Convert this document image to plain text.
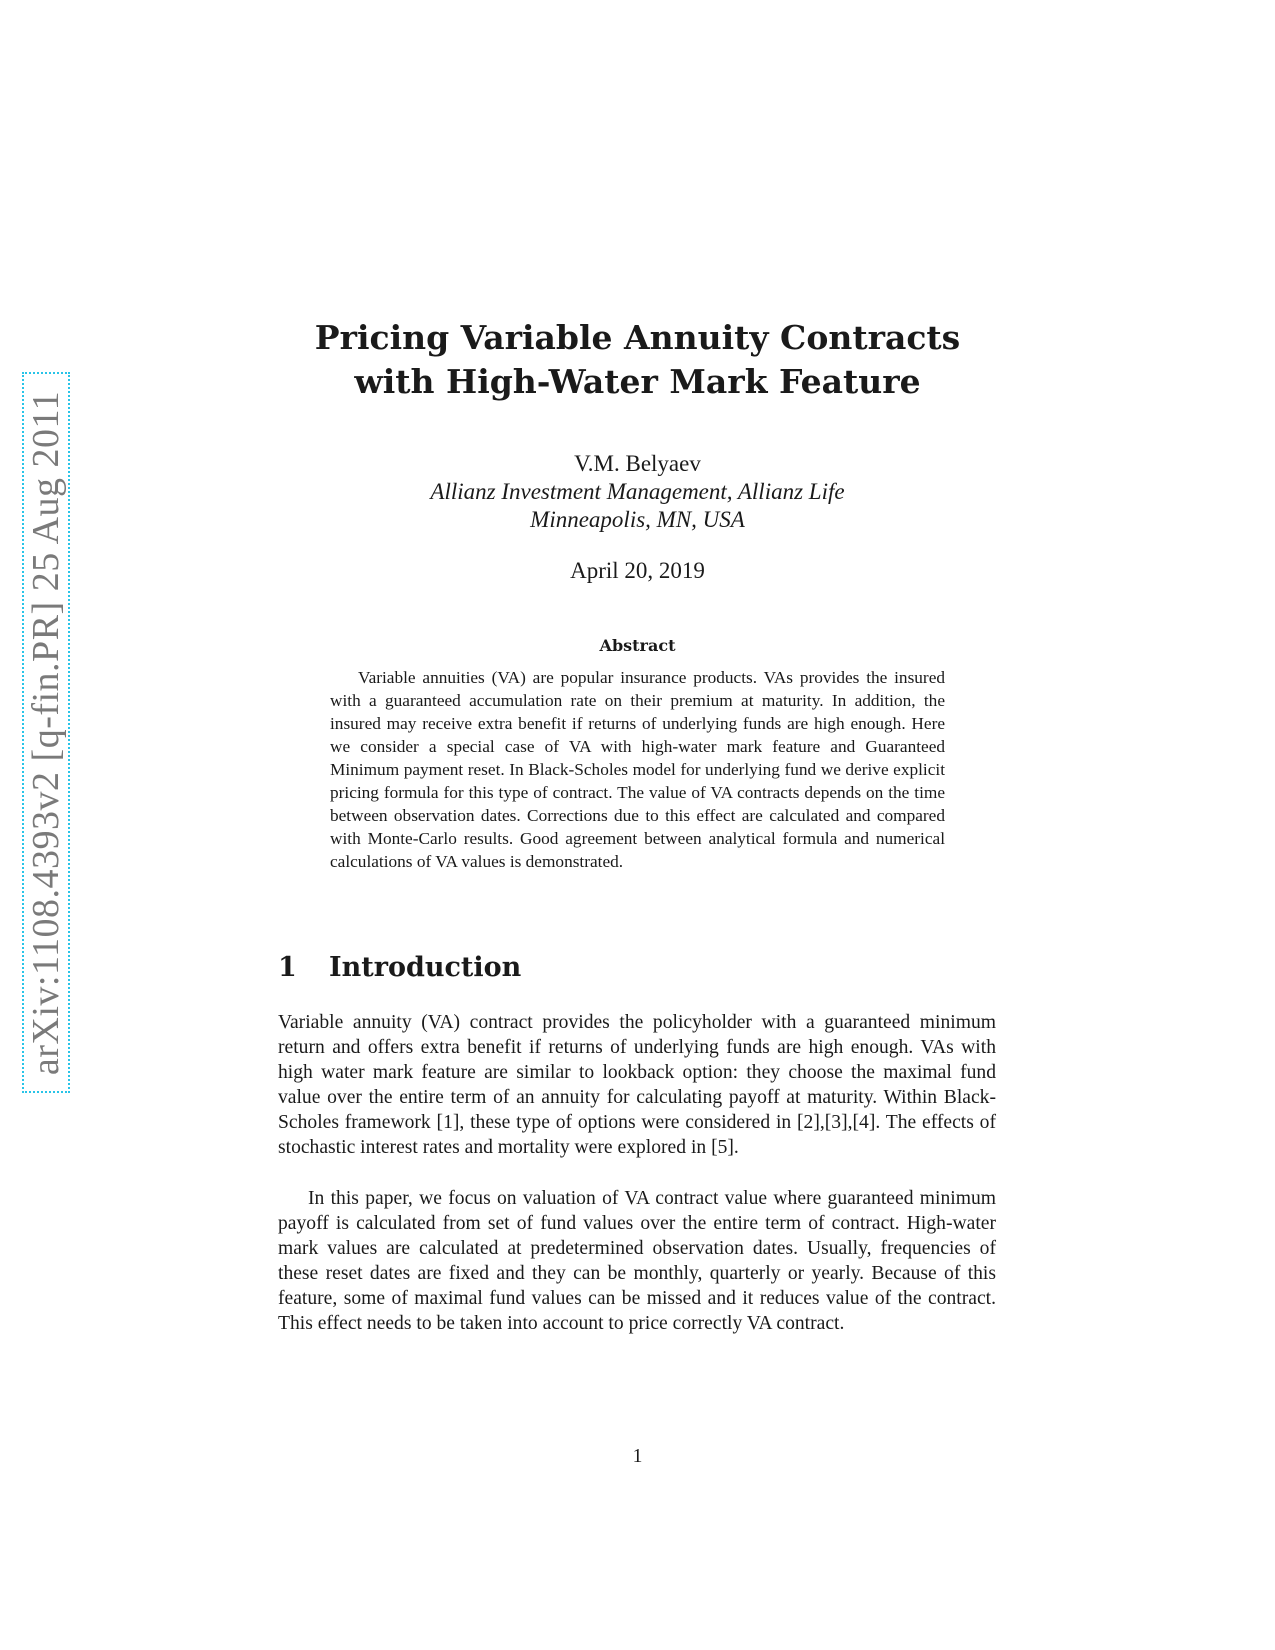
arXiv:1108.4393v2 [q-fin.PR] 25 Aug 2011
Pricing Variable Annuity Contracts
with High-Water Mark Feature
V.M. Belyaev
Allianz Investment Management, Allianz Life
Minneapolis, MN, USA
April 20, 2019
Abstract

Variable annuities (VA) are popular insurance products. VAs provides the insured with a guaranteed accumulation rate on their premium at maturity. In addition, the insured may receive extra benefit if returns of underlying funds are high enough. Here we consider a special case of VA with high-water mark feature and Guaranteed Minimum payment reset. In Black-Scholes model for underlying fund we derive explicit pricing formula for this type of contract. The value of VA contracts depends on the time between observation dates. Corrections due to this effect are calculated and compared with Monte-Carlo results. Good agreement between analytical formula and numerical calculations of VA values is demonstrated.

1 Introduction

Variable annuity (VA) contract provides the policyholder with a guaranteed minimum return and offers extra benefit if returns of underlying funds are high enough. VAs with high water mark feature are similar to lookback option: they choose the maximal fund value over the entire term of an annuity for calculating payoff at maturity. Within Black-Scholes framework [1], these type of options were considered in [2],[3],[4]. The effects of stochastic interest rates and mortality were explored in [5].

In this paper, we focus on valuation of VA contract value where guaranteed minimum payoff is calculated from set of fund values over the entire term of contract. High-water mark values are calculated at predetermined observation dates. Usually, frequencies of these reset dates are fixed and they can be monthly, quarterly or yearly. Because of this feature, some of maximal fund values can be missed and it reduces value of the contract. This effect needs to be taken into account to price correctly VA contract.

1
